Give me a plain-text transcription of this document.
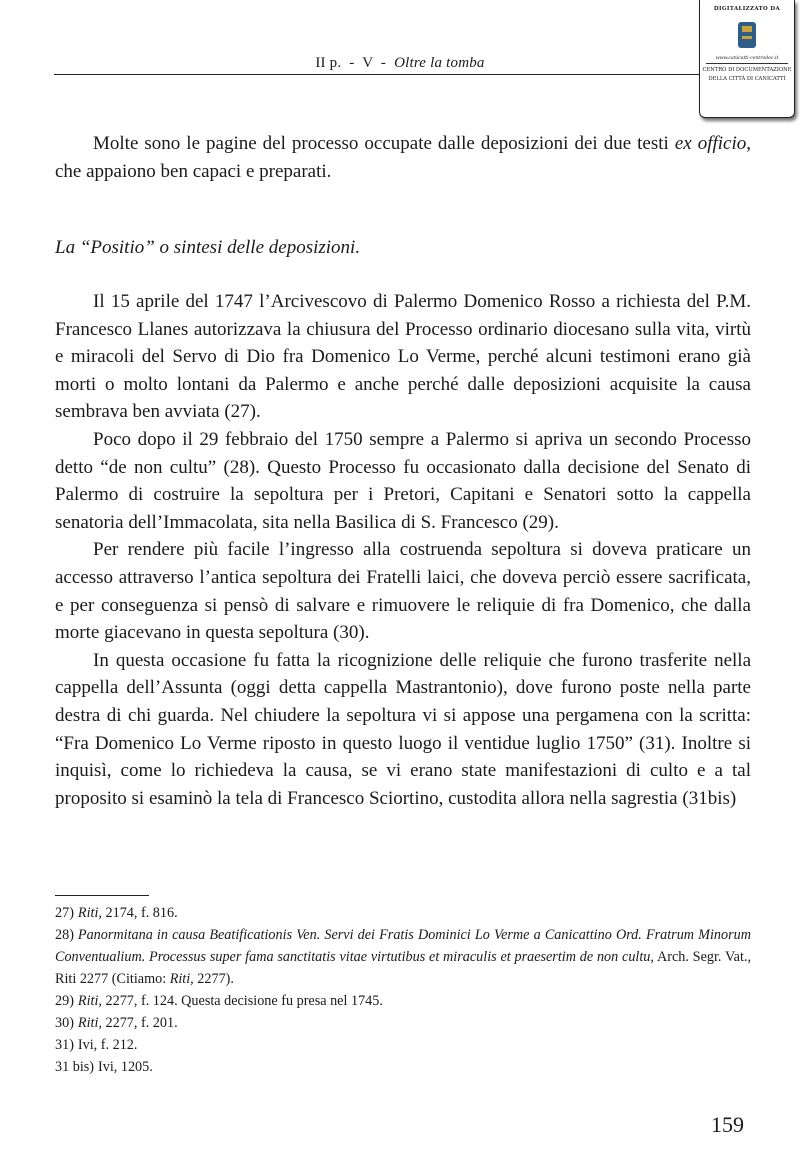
II p. - V - Oltre la tomba
DIGITALIZZATO DA
www.canicatti-centrodoc.it
CENTRO DI DOCUMENTAZIONE
DELLA CITTÀ DI CANICATTÌ

Molte sono le pagine del processo occupate dalle deposizioni dei due testi ex officio, che appaiono ben capaci e preparati.

La “Positio” o sintesi delle deposizioni.

Il 15 aprile del 1747 l’Arcivescovo di Palermo Domenico Rosso a richiesta del P.M. Francesco Llanes autorizzava la chiusura del Processo ordinario diocesano sulla vita, virtù e miracoli del Servo di Dio fra Domenico Lo Verme, perché alcuni testimoni erano già morti o molto lontani da Palermo e anche perché dalle deposizioni acquisite la causa sembrava ben avviata (27).

Poco dopo il 29 febbraio del 1750 sempre a Palermo si apriva un secondo Processo detto “de non cultu” (28). Questo Processo fu occasionato dalla decisione del Senato di Palermo di costruire la sepoltura per i Pretori, Capitani e Senatori sotto la cappella senatoria dell’Immacolata, sita nella Basilica di S. Francesco (29).

Per rendere più facile l’ingresso alla costruenda sepoltura si doveva praticare un accesso attraverso l’antica sepoltura dei Fratelli laici, che doveva perciò essere sacrificata, e per conseguenza si pensò di salvare e rimuovere le reliquie di fra Domenico, che dalla morte giacevano in questa sepoltura (30).

In questa occasione fu fatta la ricognizione delle reliquie che furono trasferite nella cappella dell’Assunta (oggi detta cappella Mastrantonio), dove furono poste nella parte destra di chi guarda. Nel chiudere la sepoltura vi si appose una pergamena con la scritta: “Fra Domenico Lo Verme riposto in questo luogo il ventidue luglio 1750” (31). Inoltre si inquisì, come lo richiedeva la causa, se vi erano state manifestazioni di culto e a tal proposito si esaminò la tela di Francesco Sciortino, custodita allora nella sagrestia (31bis)

27) Riti, 2174, f. 816.

28) Panormitana in causa Beatificationis Ven. Servi dei Fratis Dominici Lo Verme a Canicattino Ord. Fratrum Minorum Conventualium. Processus super fama sanctitatis vitae virtutibus et miraculis et praesertim de non cultu, Arch. Segr. Vat., Riti 2277 (Citiamo: Riti, 2277).

29) Riti, 2277, f. 124. Questa decisione fu presa nel 1745.

30) Riti, 2277, f. 201.

31) Ivi, f. 212.

31 bis) Ivi, 1205.

159
